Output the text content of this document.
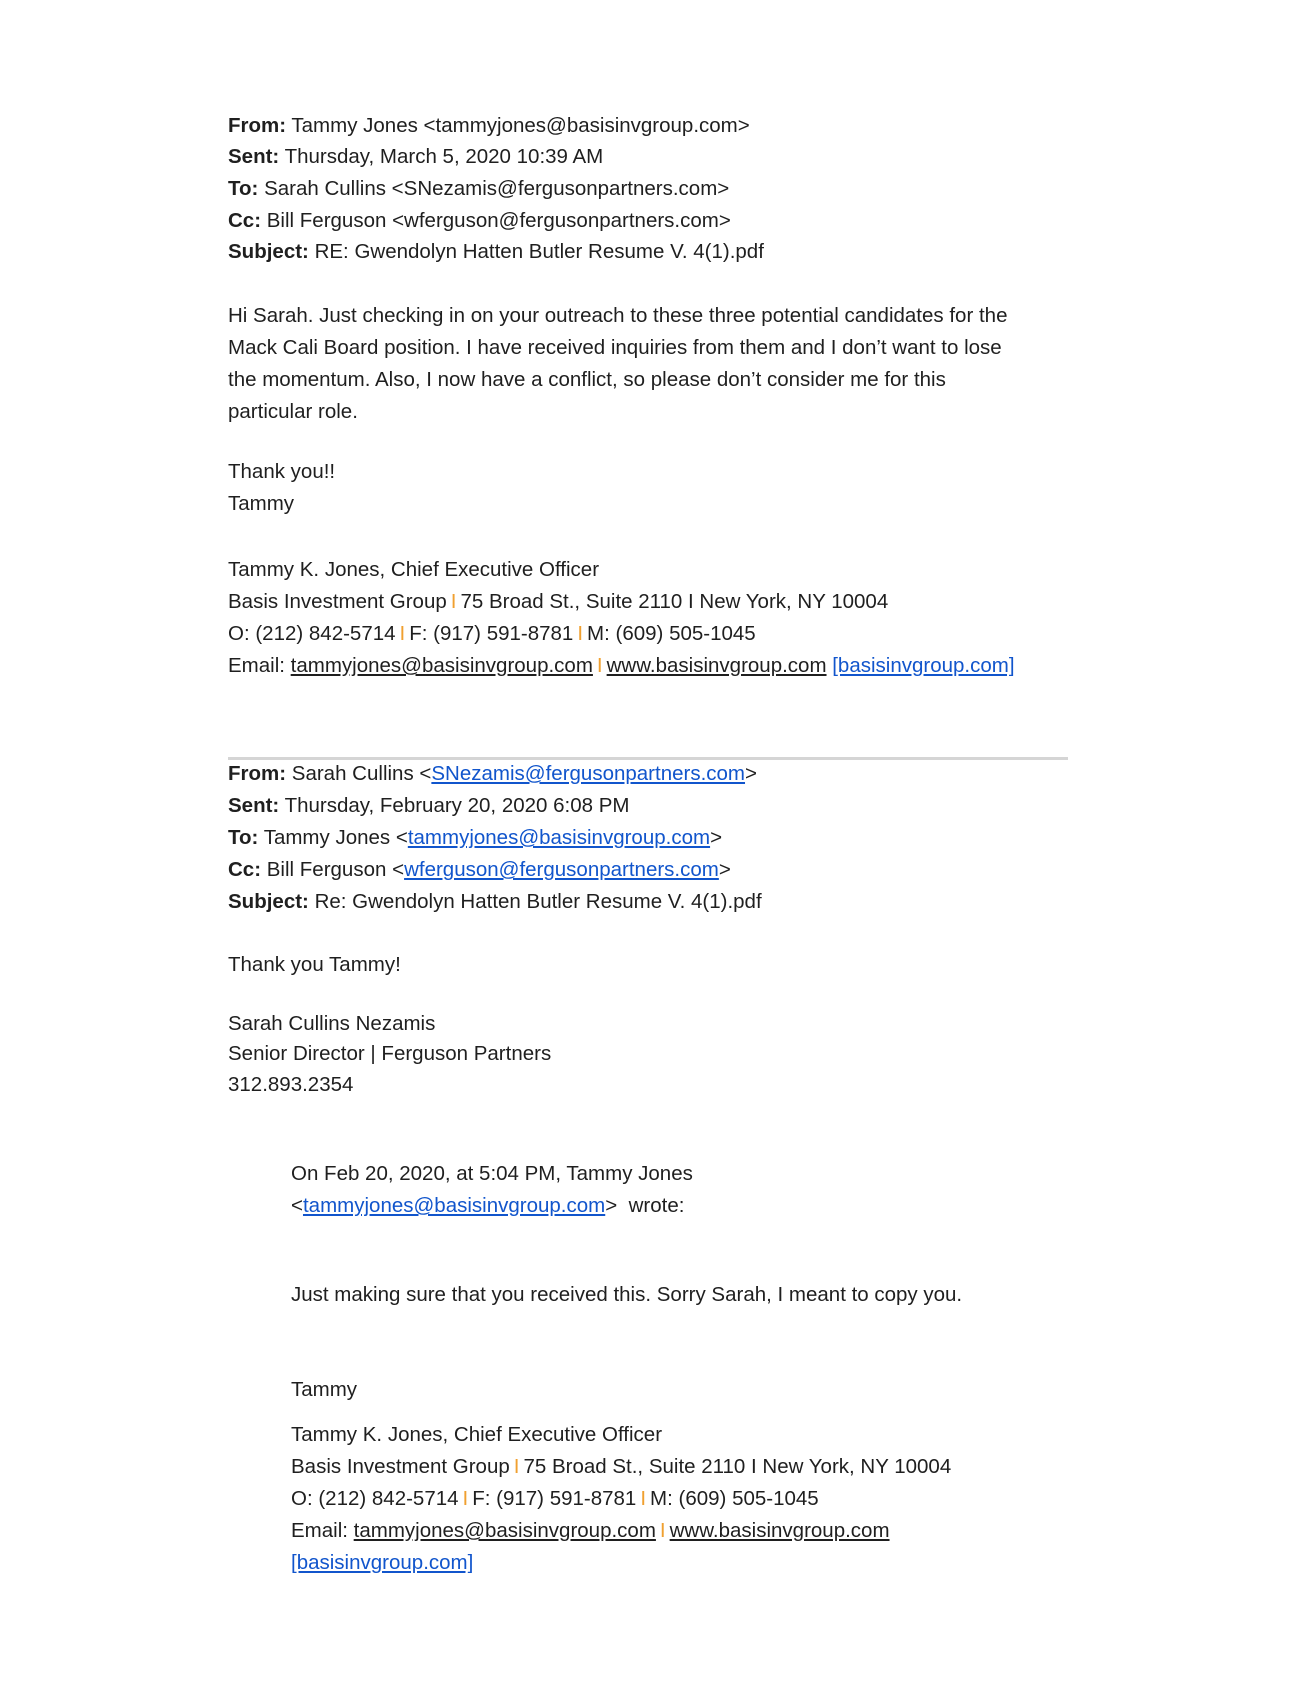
From: Tammy Jones <tammyjones@basisinvgroup.com>
Sent: Thursday, March 5, 2020 10:39 AM
To: Sarah Cullins <SNezamis@fergusonpartners.com>
Cc: Bill Ferguson <wferguson@fergusonpartners.com>
Subject: RE: Gwendolyn Hatten Butler Resume V. 4(1).pdf
Hi Sarah. Just checking in on your outreach to these three potential candidates for the
Mack Cali Board position. I have received inquiries from them and I don’t want to lose
the momentum. Also, I now have a conflict, so please don’t consider me for this
particular role.
Thank you!!
Tammy
Tammy K. Jones, Chief Executive Officer
Basis Investment Group I 75 Broad St., Suite 2110 I New York, NY 10004
O: (212) 842-5714 I F: (917) 591-8781 I M: (609) 505-1045
Email: tammyjones@basisinvgroup.com I www.basisinvgroup.com [basisinvgroup.com]
From: Sarah Cullins <SNezamis@fergusonpartners.com>
Sent: Thursday, February 20, 2020 6:08 PM
To: Tammy Jones <tammyjones@basisinvgroup.com>
Cc: Bill Ferguson <wferguson@fergusonpartners.com>
Subject: Re: Gwendolyn Hatten Butler Resume V. 4(1).pdf
Thank you Tammy!
Sarah Cullins Nezamis
Senior Director | Ferguson Partners
312.893.2354
On Feb 20, 2020, at 5:04 PM, Tammy Jones
<tammyjones@basisinvgroup.com>  wrote:
Just making sure that you received this. Sorry Sarah, I meant to copy you.
Tammy
Tammy K. Jones, Chief Executive Officer
Basis Investment Group I 75 Broad St., Suite 2110 I New York, NY 10004
O: (212) 842-5714 I F: (917) 591-8781 I M: (609) 505-1045
Email: tammyjones@basisinvgroup.com I www.basisinvgroup.com
[basisinvgroup.com]
